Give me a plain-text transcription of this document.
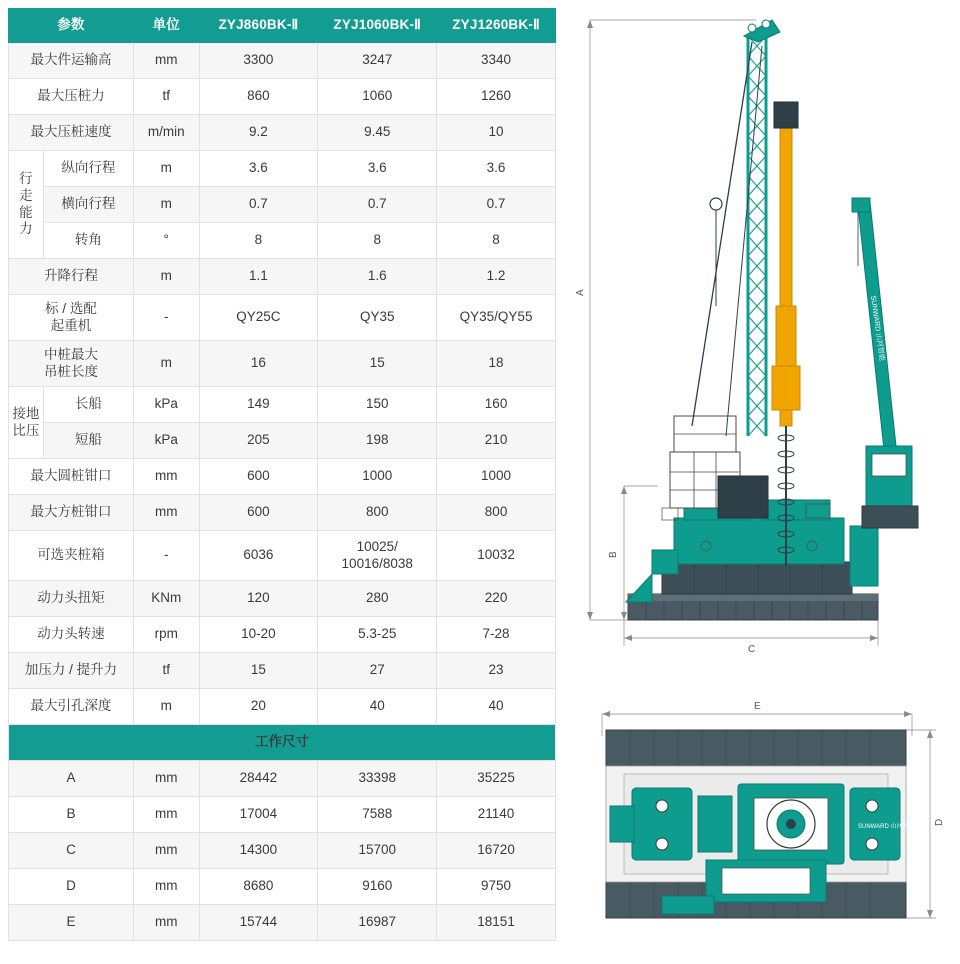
参数		单位	ZYJ860BK-Ⅱ	ZYJ1060BK-Ⅱ	ZYJ1260BK-Ⅱ
最大件运输高		mm	3300	3247	3340
最大压桩力		tf	860	1060	1260
最大压桩速度		m/min	9.2	9.45	10

行
走
能
力	纵向行程	m	3.6	3.6	3.6
	横向行程	m	0.7	0.7	0.7
	转角	°	8	8	8
升降行程		m	1.1	1.6	1.2

标 / 选配
起重机		-	QY25C	QY35	QY35/QY55

中桩最大
吊桩长度		m	16	15	18

接地
比压	长船	kPa	149	150	160
	短船	kPa	205	198	210
最大圆桩钳口		mm	600	1000	1000
最大方桩钳口		mm	600	800	800
可选夹桩箱		-	6036	10025/
10016/8038	10032
动力头扭矩		KNm	120	280	220
动力头转速		rpm	10-20	5.3-25	7-28
加压力 / 提升力		tf	15	27	23
最大引孔深度		m	20	40	40
工作尺寸					
A		mm	28442	33398	35225
B		mm	17004	7588	21140
C		mm	14300	15700	16720
D		mm	8680	9160	9750
E		mm	15744	16987	18151
SUNWARD 山河智能
A
B
C
SUNWARD 山河智能
E
D
